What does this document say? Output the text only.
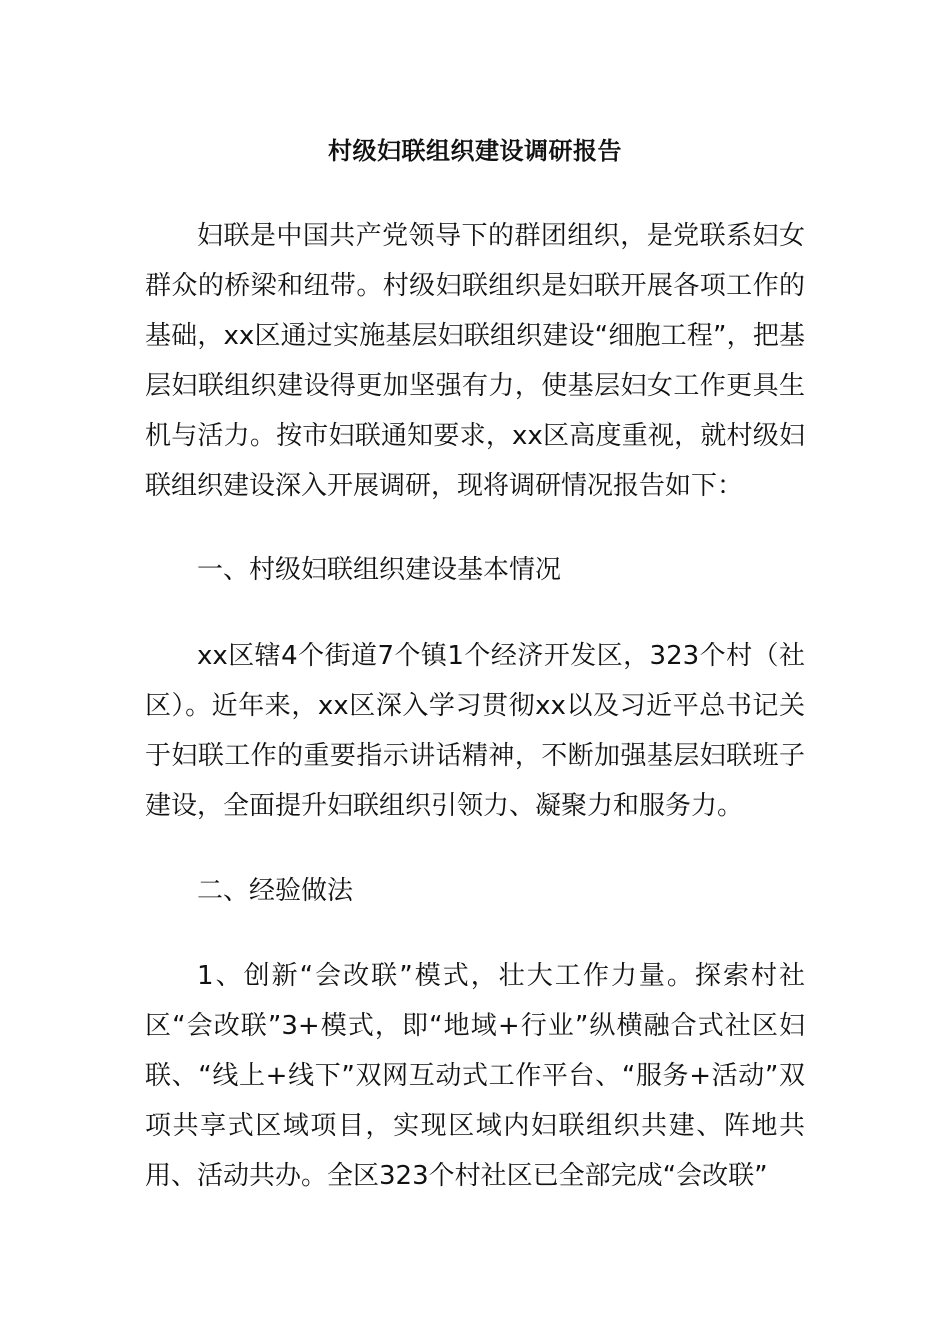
村级妇联组织建设调研报告

妇联是中国共产党领导下的群团组织，是党联系妇女群众的桥梁和纽带。村级妇联组织是妇联开展各项工作的基础，xx区通过实施基层妇联组织建设“细胞工程”，把基层妇联组织建设得更加坚强有力，使基层妇女工作更具生机与活力。按市妇联通知要求，xx区高度重视，就村级妇联组织建设深入开展调研，现将调研情况报告如下：

一、村级妇联组织建设基本情况

xx区辖4个街道7个镇1个经济开发区，323个村（社区）。近年来，xx区深入学习贯彻xx以及习近平总书记关于妇联工作的重要指示讲话精神，不断加强基层妇联班子建设，全面提升妇联组织引领力、凝聚力和服务力。

二、经验做法

1、创新“会改联”模式，壮大工作力量。探索村社区“会改联”3+模式，即“地域+行业”纵横融合式社区妇联、“线上+线下”双网互动式工作平台、“服务+活动”双项共享式区域项目，实现区域内妇联组织共建、阵地共用、活动共办。全区323个村社区已全部完成“会改联”
